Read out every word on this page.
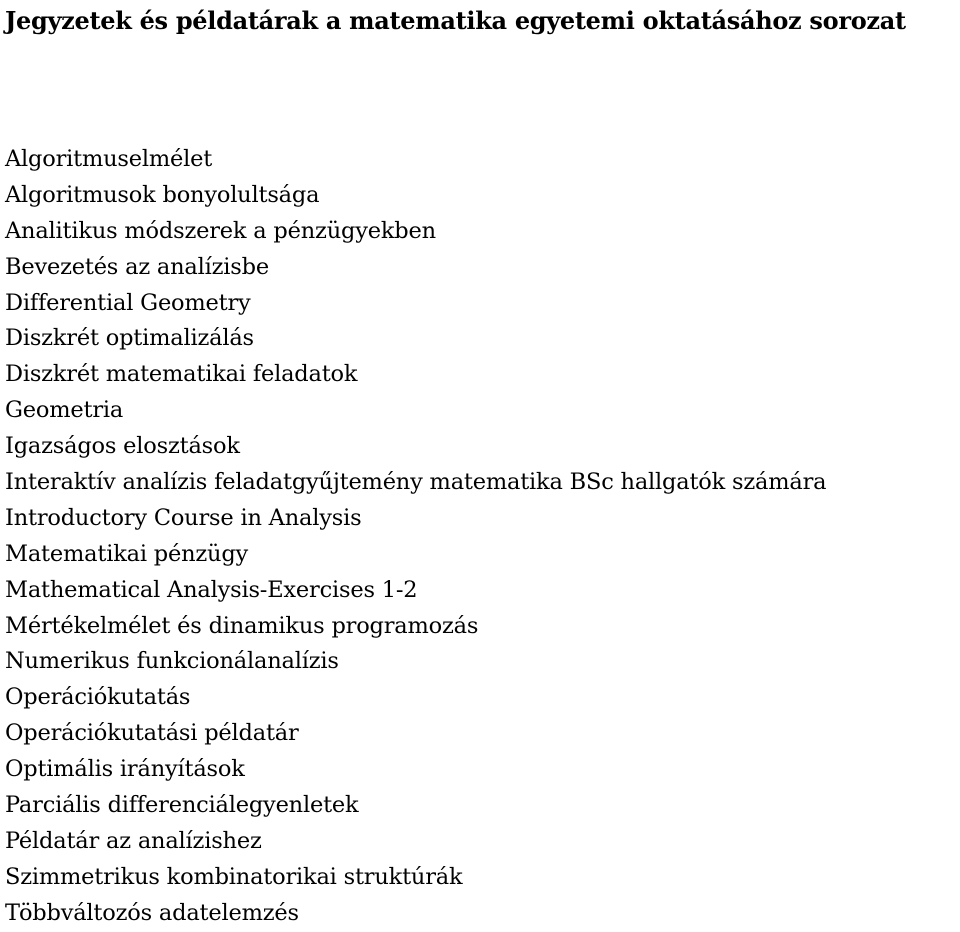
Jegyzetek és példatárak a matematika egyetemi oktatásához sorozat
Algoritmuselmélet
Algoritmusok bonyolultsága
Analitikus módszerek a pénzügyekben
Bevezetés az analízisbe
Differential Geometry
Diszkrét optimalizálás
Diszkrét matematikai feladatok
Geometria
Igazságos elosztások
Interaktív analízis feladatgyűjtemény matematika BSc hallgatók számára
Introductory Course in Analysis
Matematikai pénzügy
Mathematical Analysis-Exercises 1-2
Mértékelmélet és dinamikus programozás
Numerikus funkcionálanalízis
Operációkutatás
Operációkutatási példatár
Optimális irányítások
Parciális differenciálegyenletek
Példatár az analízishez
Szimmetrikus kombinatorikai struktúrák
Többváltozós adatelemzés
